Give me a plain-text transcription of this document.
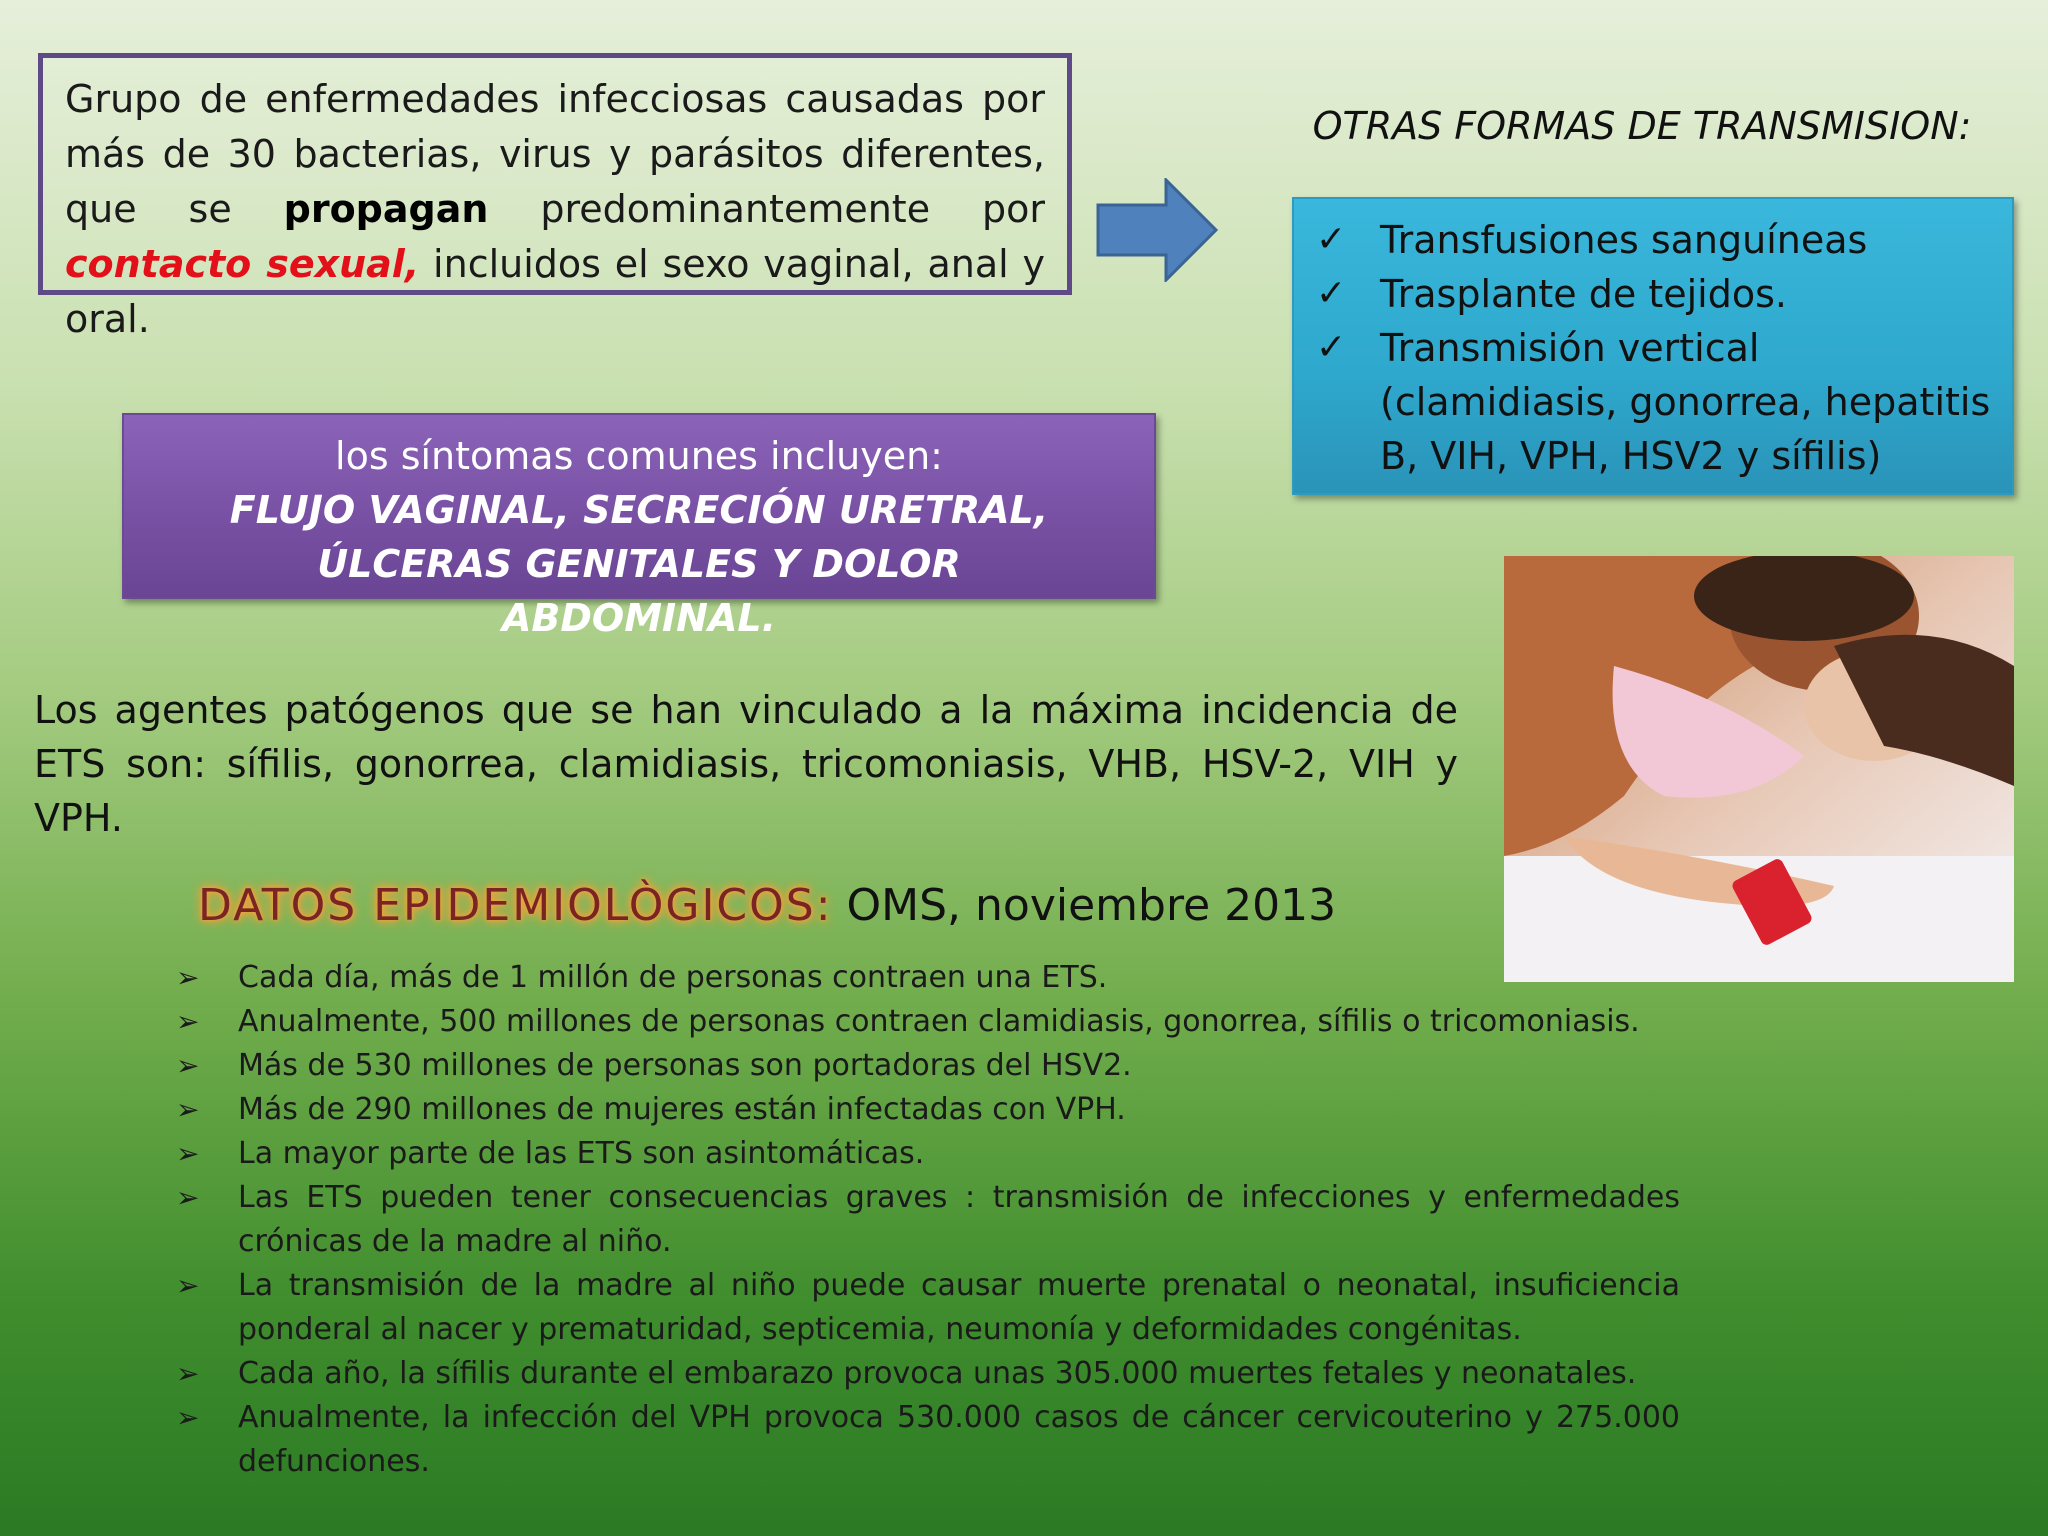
Grupo de enfermedades infecciosas causadas por más de 30 bacterias, virus y parásitos diferentes, que se propagan predominantemente por contacto sexual, incluidos el sexo vaginal, anal y oral.
OTRAS FORMAS DE TRANSMISION:
✓ Transfusiones sanguíneas
✓ Trasplante de tejidos.
✓ Transmisión vertical (clamidiasis, gonorrea, hepatitis B, VIH, VPH, HSV2 y sífilis)
los síntomas comunes incluyen:
FLUJO VAGINAL, SECRECIÓN URETRAL, ÚLCERAS GENITALES Y DOLOR ABDOMINAL.
Los agentes patógenos que se han vinculado a la máxima incidencia de ETS son: sífilis, gonorrea, clamidiasis, tricomoniasis, VHB, HSV-2, VIH y VPH.
DATOS EPIDEMIOLÒGICOS: OMS, noviembre 2013
➢	Cada día, más de 1 millón de personas contraen una ETS.
➢	Anualmente, 500 millones de personas contraen clamidiasis, gonorrea, sífilis o tricomoniasis.
➢	Más de 530 millones de personas son portadoras del HSV2.
➢	Más de 290 millones de mujeres están infectadas con VPH.
➢	La mayor parte de las ETS son asintomáticas.
➢	Las ETS pueden tener consecuencias graves : transmisión de infecciones y enfermedades crónicas de la madre al niño.
➢	La transmisión de la madre al niño puede causar muerte prenatal o neonatal, insuficiencia ponderal al nacer y prematuridad, septicemia, neumonía y deformidades congénitas.
➢	Cada año, la sífilis durante el embarazo provoca unas 305.000 muertes fetales y neonatales.
➢	Anualmente, la infección del VPH provoca 530.000 casos de cáncer cervicouterino y 275.000 defunciones.
